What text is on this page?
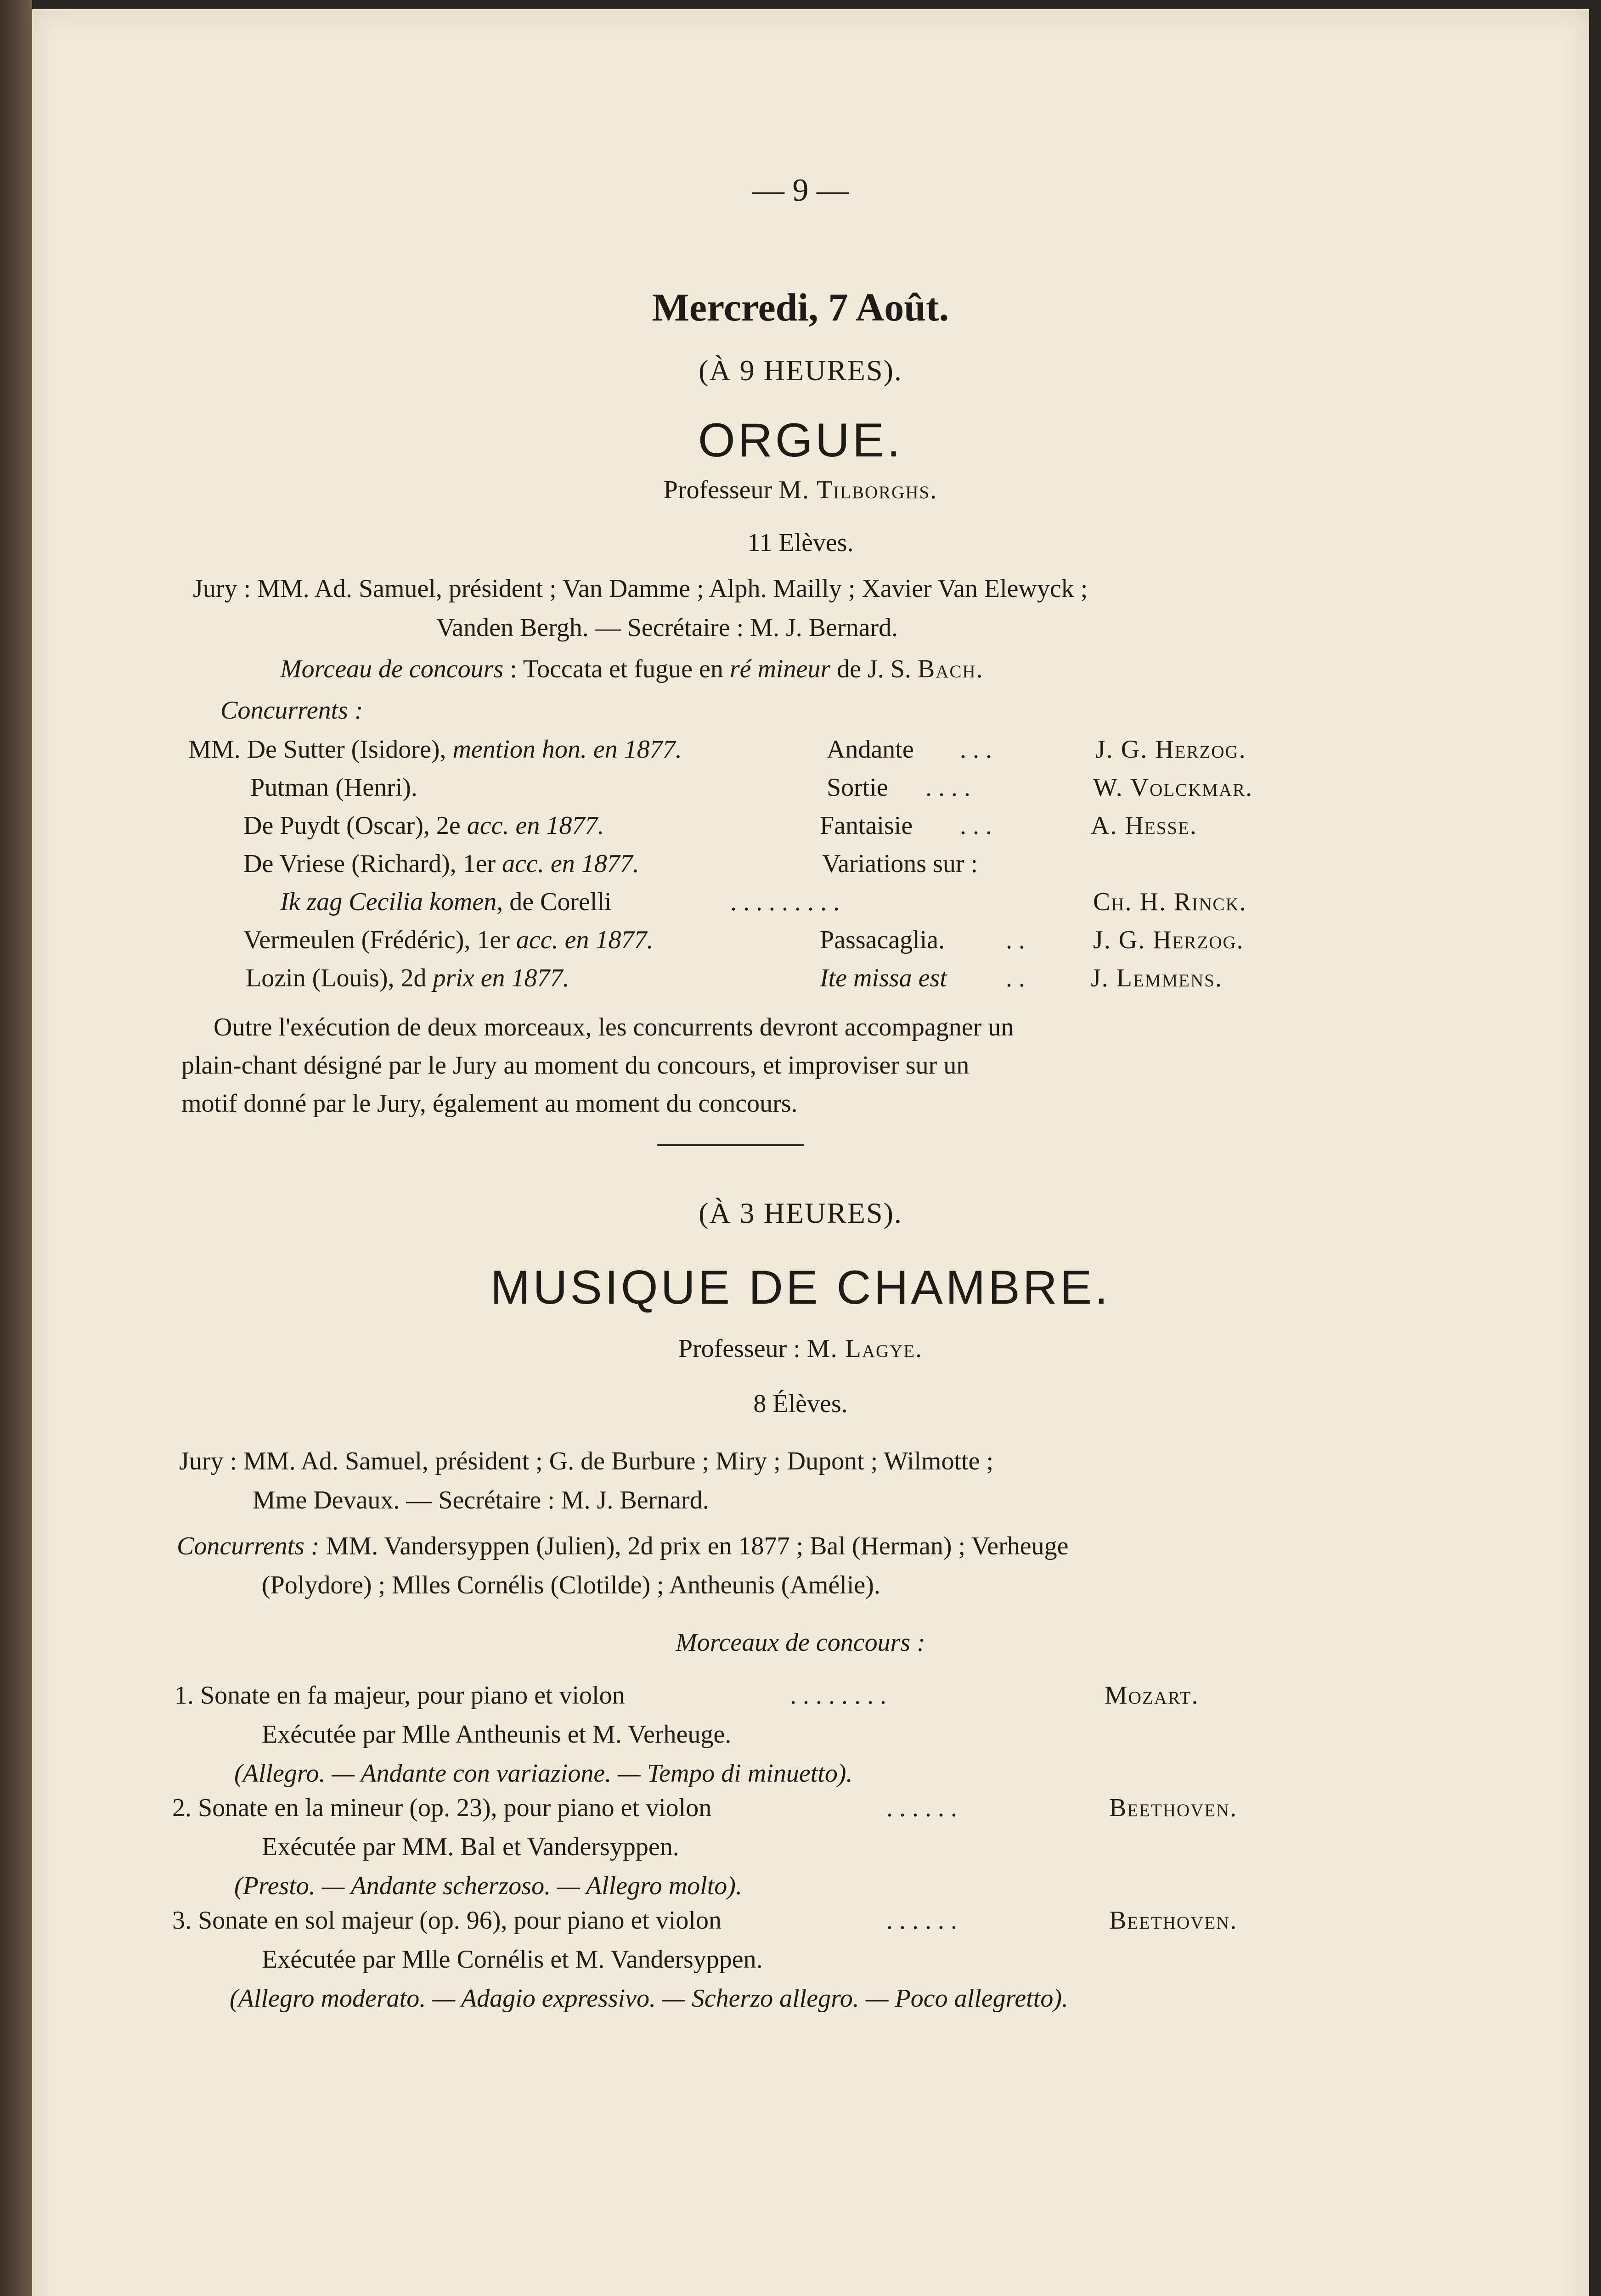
— 9 —
Mercredi, 7 Août.
(À 9 HEURES).
ORGUE.
Professeur M. Tilborghs.
11 Elèves.
Jury : MM. Ad. Samuel, président ; Van Damme ; Alph. Mailly ; Xavier Van Elewyck ;
Vanden Bergh. — Secrétaire : M. J. Bernard.
Morceau de concours : Toccata et fugue en ré mineur de J. S. Bach.
Concurrents :
MM. De Sutter (Isidore), mention hon. en 1877.	Andante . . .	J. G. Herzog.
Putman (Henri).	Sortie . . . .	W. Volckmar.
De Puydt (Oscar), 2e acc. en 1877.	Fantaisie . . .	A. Hesse.
De Vriese (Richard), 1er acc. en 1877.	Variations sur :
Ik zag Cecilia komen, de Corelli	. . . . . . . . .	Ch. H. Rinck.
Vermeulen (Frédéric), 1er acc. en 1877.	Passacaglia. . .	J. G. Herzog.
Lozin (Louis), 2d prix en 1877.	Ite missa est . .	J. Lemmens.
Outre l'exécution de deux morceaux, les concurrents devront accompagner un
plain-chant désigné par le Jury au moment du concours, et improviser sur un
motif donné par le Jury, également au moment du concours.
(À 3 HEURES).
MUSIQUE DE CHAMBRE.
Professeur : M. Lagye.
8 Élèves.
Jury : MM. Ad. Samuel, président ; G. de Burbure ; Miry ; Dupont ; Wilmotte ;
Mme Devaux. — Secrétaire : M. J. Bernard.
Concurrents : MM. Vandersyppen (Julien), 2d prix en 1877 ; Bal (Herman) ; Verheuge
(Polydore) ; Mlles Cornélis (Clotilde) ; Antheunis (Amélie).
Morceaux de concours :
1. Sonate en fa majeur, pour piano et violon	. . . . . . . .	Mozart.
Exécutée par Mlle Antheunis et M. Verheuge.
(Allegro. — Andante con variazione. — Tempo di minuetto).
2. Sonate en la mineur (op. 23), pour piano et violon	. . . . . .	Beethoven.
Exécutée par MM. Bal et Vandersyppen.
(Presto. — Andante scherzoso. — Allegro molto).
3. Sonate en sol majeur (op. 96), pour piano et violon	. . . . . .	Beethoven.
Exécutée par Mlle Cornélis et M. Vandersyppen.
(Allegro moderato. — Adagio expressivo. — Scherzo allegro. — Poco allegretto).
